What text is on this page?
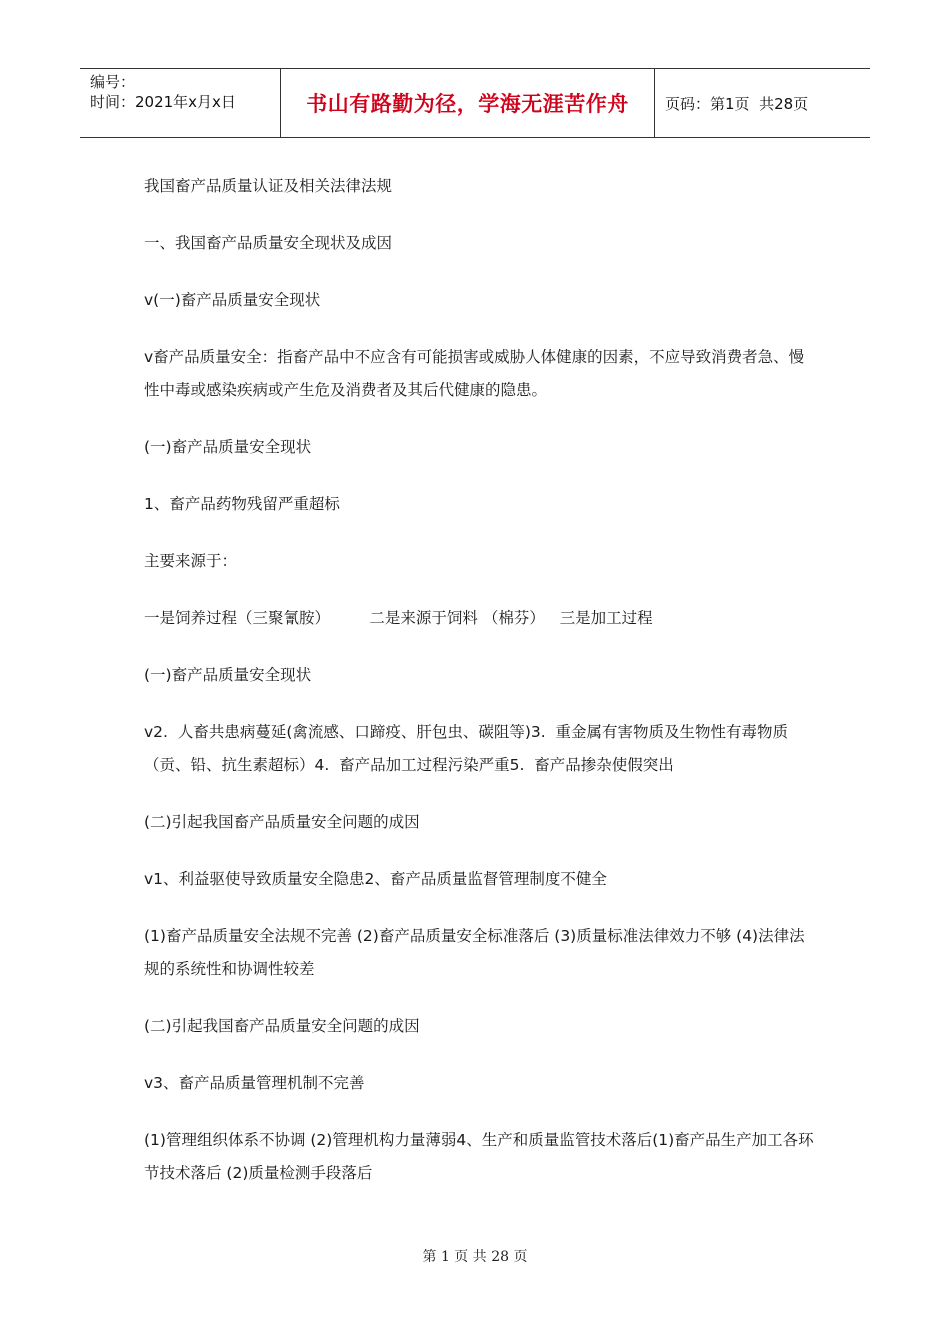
编号：
时间：2021年x月x日	书山有路勤为径，学海无涯苦作舟	页码：第1页  共28页

我国畜产品质量认证及相关法律法规

一、我国畜产品质量安全现状及成因

v(一)畜产品质量安全现状

v畜产品质量安全：指畜产品中不应含有可能损害或威胁人体健康的因素，不应导致消费者急、慢性中毒或感染疾病或产生危及消费者及其后代健康的隐患。

(一)畜产品质量安全现状

1、畜产品药物残留严重超标

主要来源于：

一是饲养过程（三聚氰胺）        二是来源于饲料 （棉芬）   三是加工过程

(一)畜产品质量安全现状

v2.  人畜共患病蔓延(禽流感、口蹄疫、肝包虫、碳阻等)3.  重金属有害物质及生物性有毒物质（贡、铅、抗生素超标）4.  畜产品加工过程污染严重5.  畜产品掺杂使假突出

(二)引起我国畜产品质量安全问题的成因

v1、利益驱使导致质量安全隐患2、畜产品质量监督管理制度不健全

(1)畜产品质量安全法规不完善 (2)畜产品质量安全标准落后 (3)质量标准法律效力不够 (4)法律法规的系统性和协调性较差

(二)引起我国畜产品质量安全问题的成因

v3、畜产品质量管理机制不完善

(1)管理组织体系不协调 (2)管理机构力量薄弱4、生产和质量监管技术落后(1)畜产品生产加工各环节技术落后 (2)质量检测手段落后

第 1 页 共 28 页
